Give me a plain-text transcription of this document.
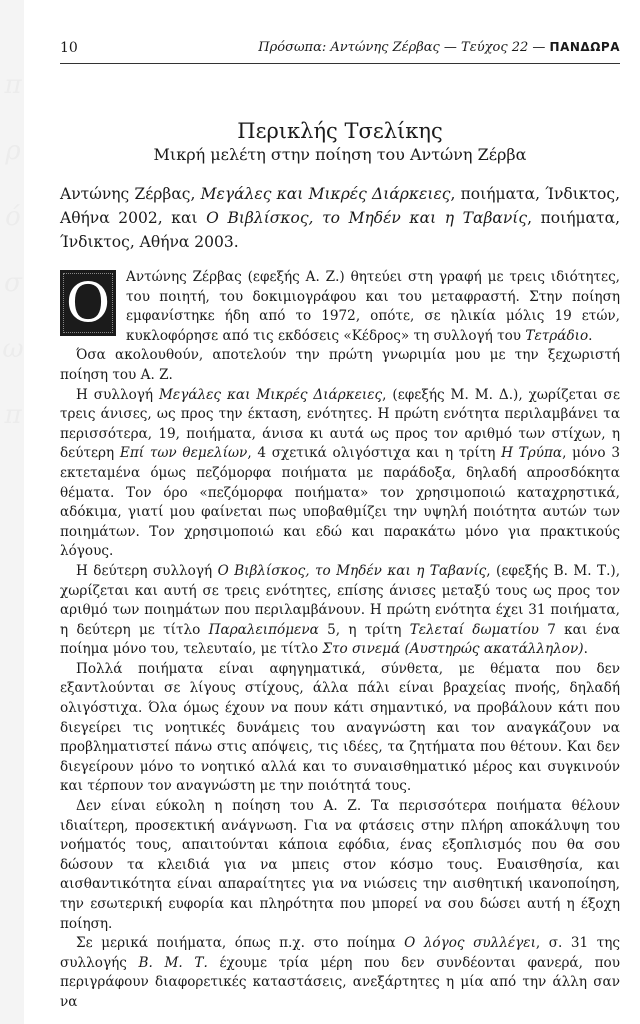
π
ρ
ό
σ
ω
π
10	Πρόσωπα: Αντώνης Ζέρβας — Τεύχος 22 — ΠΑΝΔΩΡΑ

Περικλής Τσελίκης

Μικρή μελέτη στην ποίηση του Αντώνη Ζέρβα

Αντώνης Ζέρβας, Μεγάλες και Μικρές Διάρκειες, ποιήματα, Ίνδικτος, Αθήνα 2002, και Ο Βιβλίσκος, το Μηδέν και η Ταβανίς, ποιήματα, Ίνδικτος, Αθήνα 2003.

Ο Αντώνης Ζέρβας (εφεξής Α. Ζ.) θητεύει στη γραφή με τρεις ιδιότητες, του ποιητή, του δοκιμιογράφου και του μεταφραστή. Στην ποίηση εμφανίστηκε ήδη από το 1972, οπότε, σε ηλικία μόλις 19 ετών, κυκλοφόρησε από τις εκδόσεις «Κέδρος» τη συλλογή του Τετράδιο.

Όσα ακολουθούν, αποτελούν την πρώτη γνωριμία μου με την ξεχωριστή ποίηση του Α. Ζ.

Η συλλογή Μεγάλες και Μικρές Διάρκειες, (εφεξής Μ. Μ. Δ.), χωρίζεται σε τρεις άνισες, ως προς την έκταση, ενότητες. Η πρώτη ενότητα περιλαμβάνει τα περισσότερα, 19, ποιήματα, άνισα κι αυτά ως προς τον αριθμό των στίχων, η δεύτερη Επί των θεμελίων, 4 σχετικά ολιγόστιχα και η τρίτη Η Τρύπα, μόνο 3 εκτεταμένα όμως πεζόμορφα ποιήματα με παράδοξα, δηλαδή απροσδόκητα θέματα. Τον όρο «πεζόμορφα ποιήματα» τον χρησιμοποιώ καταχρηστικά, αδόκιμα, γιατί μου φαίνεται πως υποβαθμίζει την υψηλή ποιότητα αυτών των ποιημάτων. Τον χρησιμοποιώ και εδώ και παρακάτω μόνο για πρακτικούς λόγους.

Η δεύτερη συλλογή Ο Βιβλίσκος, το Μηδέν και η Ταβανίς, (εφεξής Β. Μ. Τ.), χωρίζεται και αυτή σε τρεις ενότητες, επίσης άνισες μεταξύ τους ως προς τον αριθμό των ποιημάτων που περιλαμβάνουν. Η πρώτη ενότητα έχει 31 ποιήματα, η δεύτερη με τίτλο Παραλειπόμενα 5, η τρίτη Τελεταί δωματίου 7 και ένα ποίημα μόνο του, τελευταίο, με τίτλο Στο σινεμά (Αυστηρώς ακατάλληλον).

Πολλά ποιήματα είναι αφηγηματικά, σύνθετα, με θέματα που δεν εξαντλούνται σε λίγους στίχους, άλλα πάλι είναι βραχείας πνοής, δηλαδή ολιγόστιχα. Όλα όμως έχουν να πουν κάτι σημαντικό, να προβάλουν κάτι που διεγείρει τις νοητικές δυνάμεις του αναγνώστη και τον αναγκάζουν να προβληματιστεί πάνω στις απόψεις, τις ιδέες, τα ζητήματα που θέτουν. Και δεν διεγείρουν μόνο το νοητικό αλλά και το συναισθηματικό μέρος και συγκινούν και τέρπουν τον αναγνώστη με την ποιότητά τους.

Δεν είναι εύκολη η ποίηση του Α. Ζ. Τα περισσότερα ποιήματα θέλουν ιδιαίτερη, προσεκτική ανάγνωση. Για να φτάσεις στην πλήρη αποκάλυψη του νοήματός τους, απαιτούνται κάποια εφόδια, ένας εξοπλισμός που θα σου δώσουν τα κλειδιά για να μπεις στον κόσμο τους. Ευαισθησία, και αισθαντικότητα είναι απαραίτητες για να νιώσεις την αισθητική ικανοποίηση, την εσωτερική ευφορία και πληρότητα που μπορεί να σου δώσει αυτή η έξοχη ποίηση.

Σε μερικά ποιήματα, όπως π.χ. στο ποίημα Ο λόγος συλλέγει, σ. 31 της συλλογής Β. Μ. Τ. έχουμε τρία μέρη που δεν συνδέονται φανερά, που περιγράφουν διαφορετικές καταστάσεις, ανεξάρτητες η μία από την άλλη σαν να
